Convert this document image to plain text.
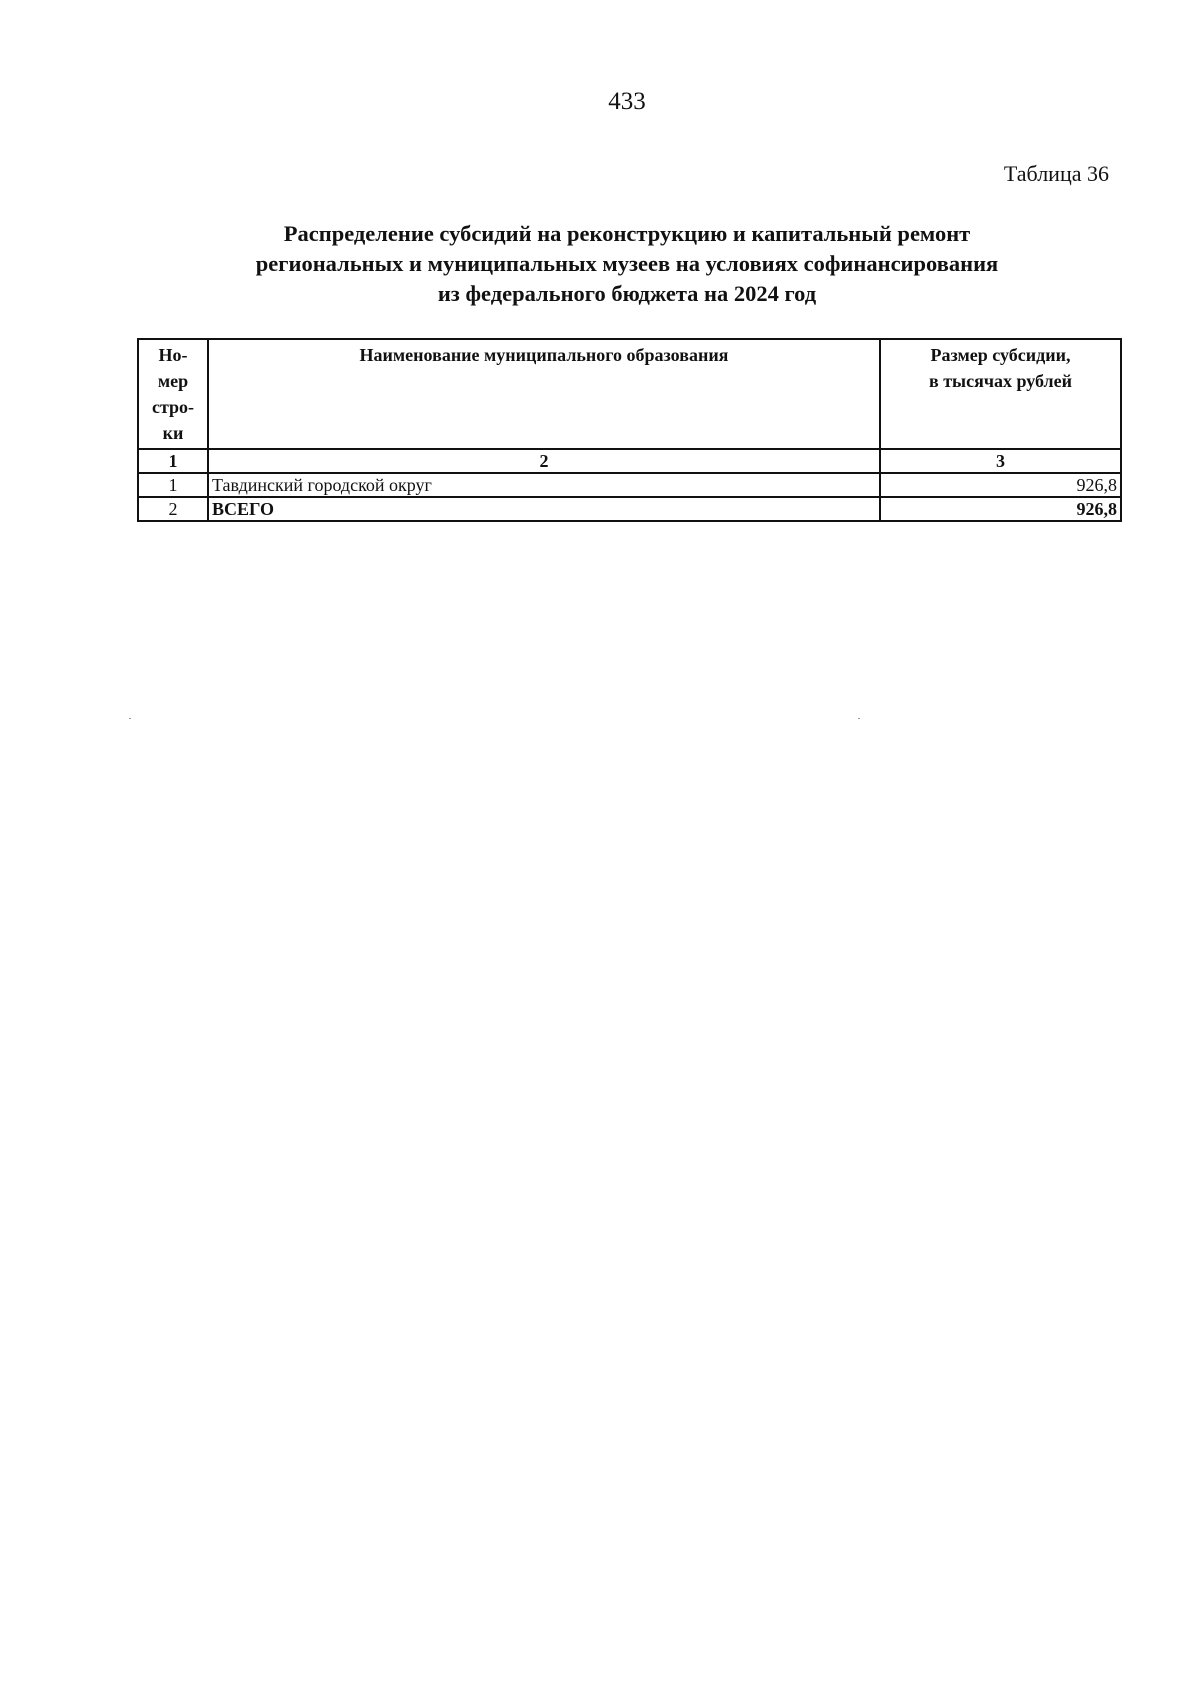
433
Таблица 36
Распределение субсидий на реконструкцию и капитальный ремонт
региональных и муниципальных музеев на условиях софинансирования
из федерального бюджета на 2024 год
Но-
мер
стро-
ки	Наименование муниципального образования	Размер субсидии,
в тысячах рублей

1	2	3
1	Тавдинский городской округ	926,8
2	ВСЕГО	926,8
